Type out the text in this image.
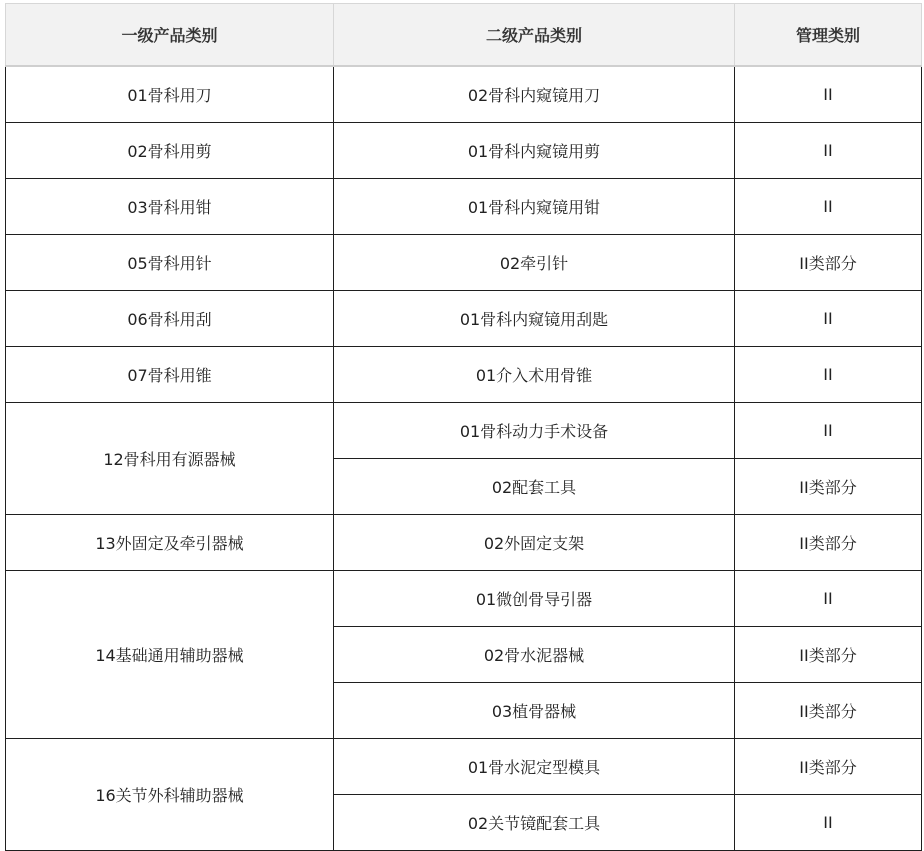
一级产品类别	二级产品类别	管理类别
01骨科用刀	02骨科内窥镜用刀	II
02骨科用剪	01骨科内窥镜用剪	II
03骨科用钳	01骨科内窥镜用钳	II
05骨科用针	02牵引针	II类部分
06骨科用刮	01骨科内窥镜用刮匙	II
07骨科用锥	01介入术用骨锥	II
12骨科用有源器械	01骨科动力手术设备	II
	02配套工具	II类部分
13外固定及牵引器械	02外固定支架	II类部分
14基础通用辅助器械	01微创骨导引器	II
	02骨水泥器械	II类部分
	03植骨器械	II类部分
16关节外科辅助器械	01骨水泥定型模具	II类部分
	02关节镜配套工具	II
